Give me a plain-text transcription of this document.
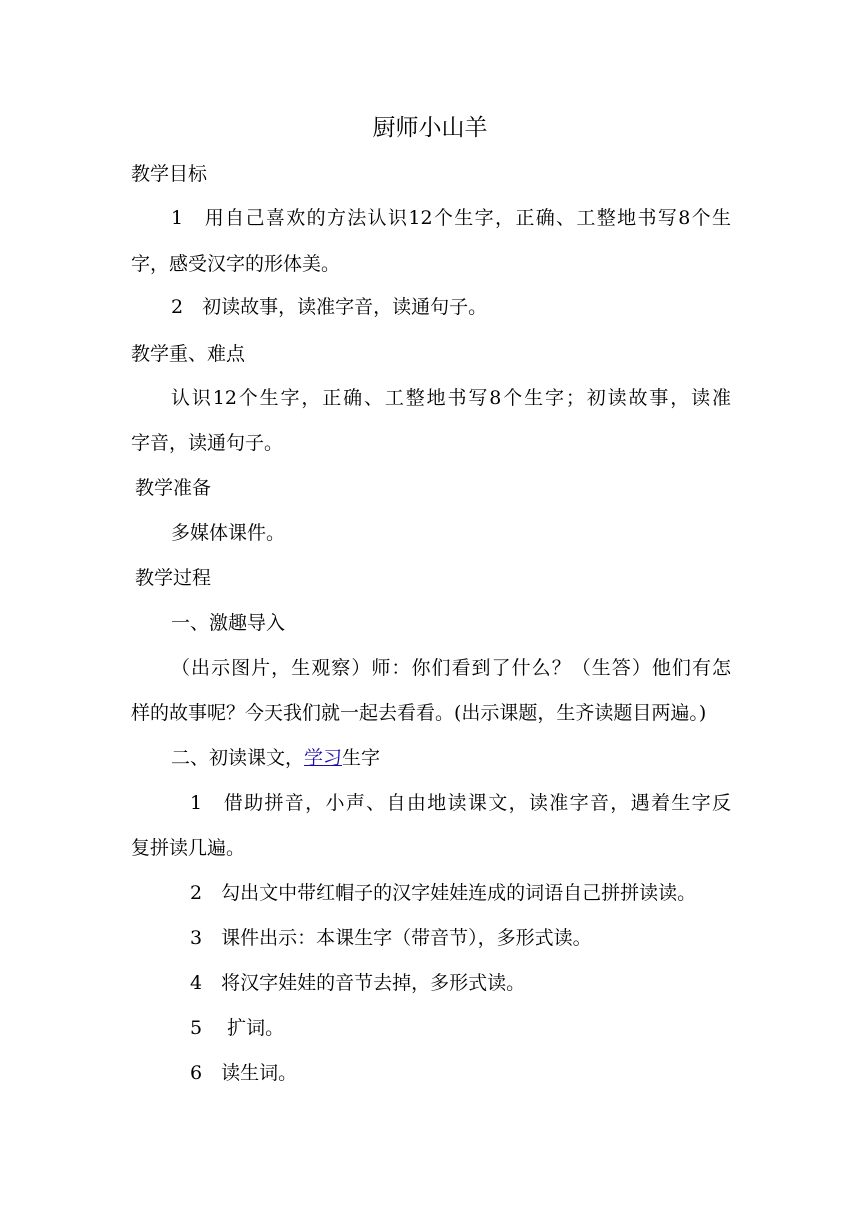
厨师小山羊
教学目标
1　用自己喜欢的方法认识12个生字，正确、工整地书写8个生
字，感受汉字的形体美。
2　初读故事，读准字音，读通句子。
教学重、难点
认识12个生字，正确、工整地书写8个生字；初读故事，读准
字音，读通句子。
教学准备
多媒体课件。
教学过程
一、激趣导入
（出示图片，生观察）师：你们看到了什么？（生答）他们有怎
样的故事呢？今天我们就一起去看看。(出示课题，生齐读题目两遍。)
二、初读课文，学习生字
1　借助拼音，小声、自由地读课文，读准字音，遇着生字反
复拼读几遍。
2　勾出文中带红帽子的汉字娃娃连成的词语自己拼拼读读。
3　课件出示：本课生字（带音节），多形式读。
4　将汉字娃娃的音节去掉，多形式读。
5　 扩词。
6　读生词。
